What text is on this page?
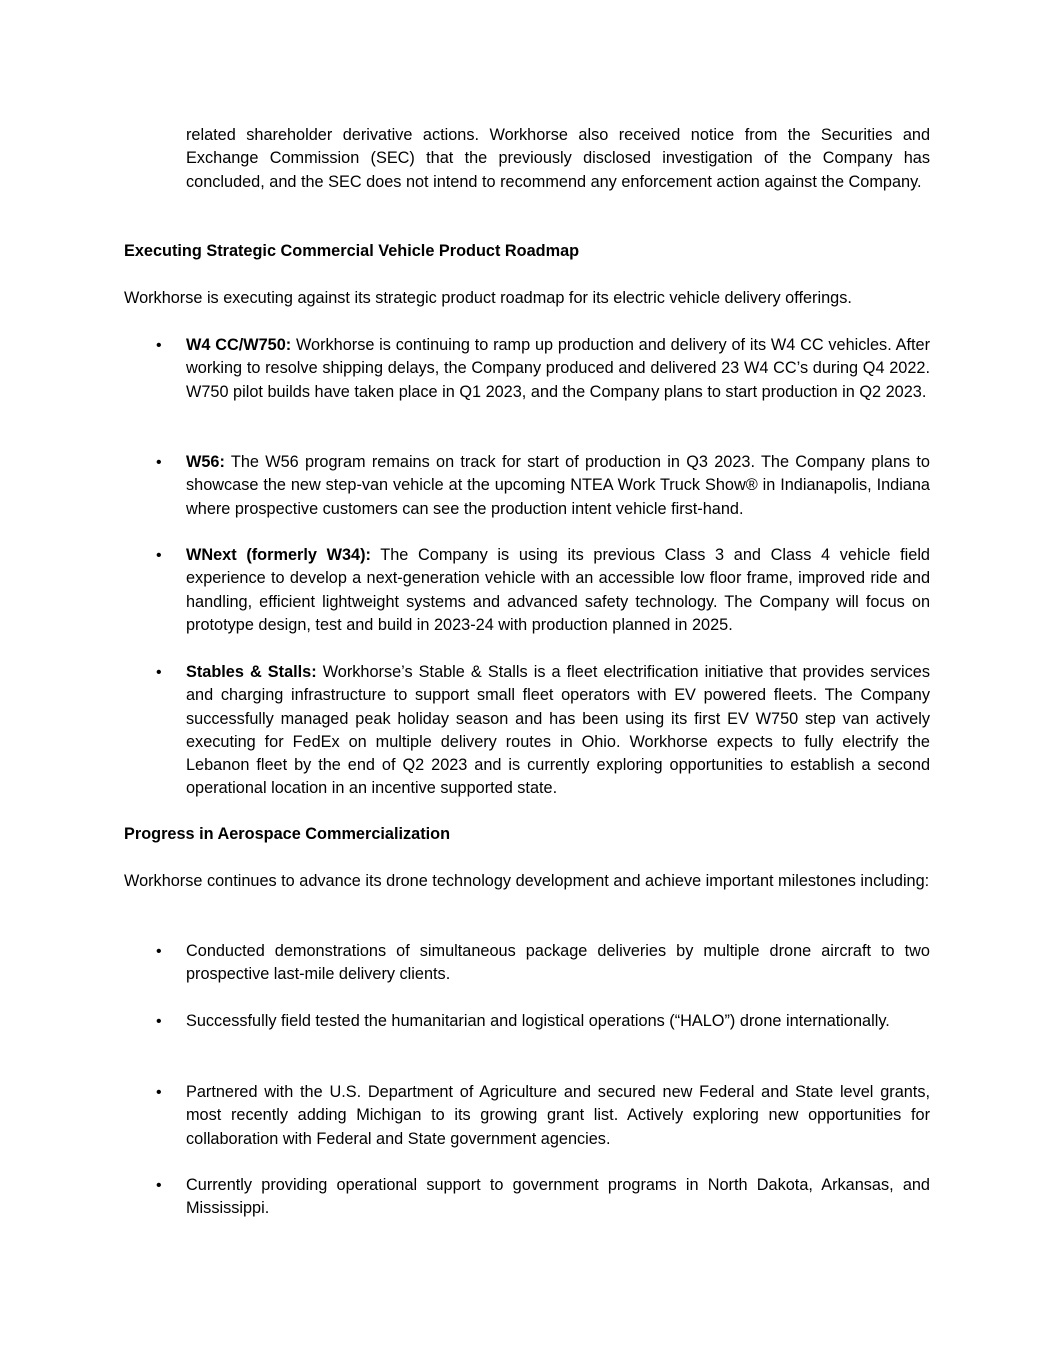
related shareholder derivative actions. Workhorse also received notice from the Securities and Exchange Commission (SEC) that the previously disclosed investigation of the Company has concluded, and the SEC does not intend to recommend any enforcement action against the Company.

Executing Strategic Commercial Vehicle Product Roadmap

Workhorse is executing against its strategic product roadmap for its electric vehicle delivery offerings.

• W4 CC/W750: Workhorse is continuing to ramp up production and delivery of its W4 CC vehicles. After working to resolve shipping delays, the Company produced and delivered 23 W4 CC’s during Q4 2022. W750 pilot builds have taken place in Q1 2023, and the Company plans to start production in Q2 2023.

• W56: The W56 program remains on track for start of production in Q3 2023. The Company plans to showcase the new step-van vehicle at the upcoming NTEA Work Truck Show® in Indianapolis, Indiana where prospective customers can see the production intent vehicle first-hand.

• WNext (formerly W34): The Company is using its previous Class 3 and Class 4 vehicle field experience to develop a next-generation vehicle with an accessible low floor frame, improved ride and handling, efficient lightweight systems and advanced safety technology. The Company will focus on prototype design, test and build in 2023-24 with production planned in 2025.

• Stables & Stalls: Workhorse’s Stable & Stalls is a fleet electrification initiative that provides services and charging infrastructure to support small fleet operators with EV powered fleets. The Company successfully managed peak holiday season and has been using its first EV W750 step van actively executing for FedEx on multiple delivery routes in Ohio. Workhorse expects to fully electrify the Lebanon fleet by the end of Q2 2023 and is currently exploring opportunities to establish a second operational location in an incentive supported state.

Progress in Aerospace Commercialization

Workhorse continues to advance its drone technology development and achieve important milestones including:

• Conducted demonstrations of simultaneous package deliveries by multiple drone aircraft to two prospective last-mile delivery clients.

• Successfully field tested the humanitarian and logistical operations (“HALO”) drone internationally.

• Partnered with the U.S. Department of Agriculture and secured new Federal and State level grants, most recently adding Michigan to its growing grant list. Actively exploring new opportunities for collaboration with Federal and State government agencies.

• Currently providing operational support to government programs in North Dakota, Arkansas, and Mississippi.
